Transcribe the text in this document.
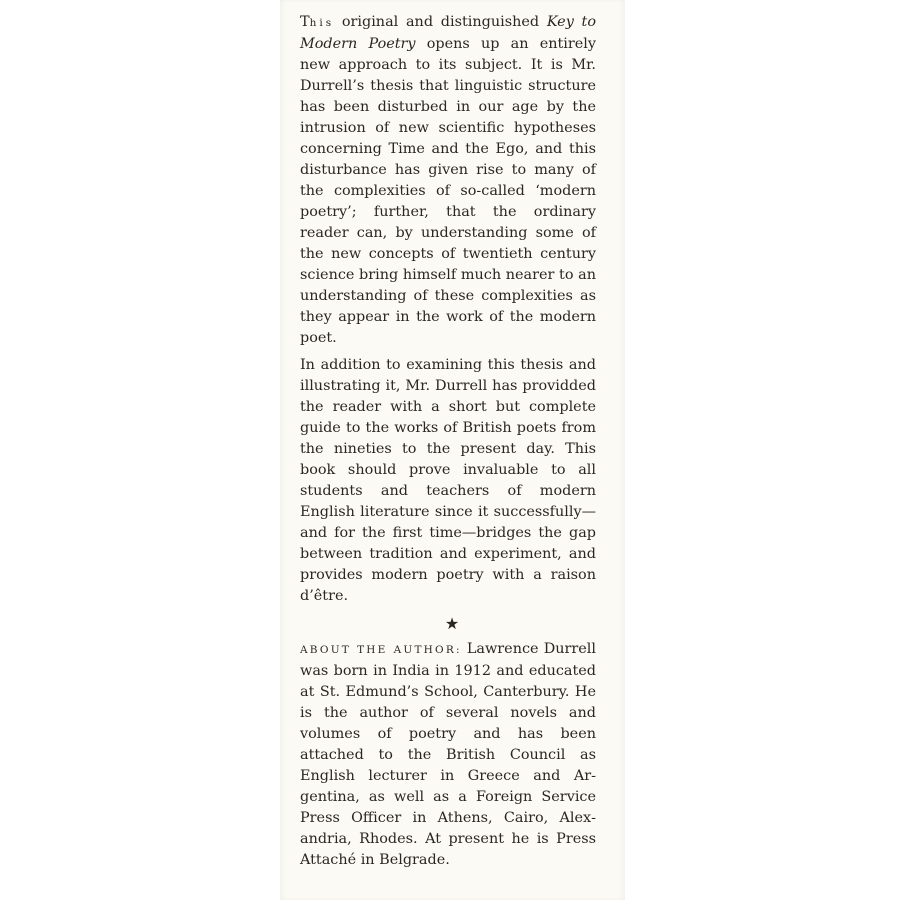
This original and distinguished Key to Modern Poetry opens up an entirely new approach to its subject. It is Mr. Durrell’s thesis that linguistic structure has been disturbed in our age by the intrusion of new scientific hypotheses concerning Time and the Ego, and this disturbance has given rise to many of the complexities of so-called ‘modern poetry’; further, that the ordinary reader can, by understanding some of the new concepts of twentieth century science bring himself much nearer to an understanding of these complexities as they appear in the work of the modern poet.

In addition to examining this thesis and illustrating it, Mr. Durrell has providded the reader with a short but complete guide to the works of British poets from the nineties to the present day. This book should prove invaluable to all students and teachers of modern English literature since it successfully—and for the first time—bridges the gap between tradition and experiment, and provides modern poetry with a raison d’être.

★

ABOUT THE AUTHOR: Lawrence Durrell was born in India in 1912 and educated at St. Edmund’s School, Canterbury. He is the author of several novels and volumes of poetry and has been attached to the British Council as English lecturer in Greece and Argentina, as well as a Foreign Service Press Officer in Athens, Cairo, Alexandria, Rhodes. At present he is Press Attaché in Belgrade.
